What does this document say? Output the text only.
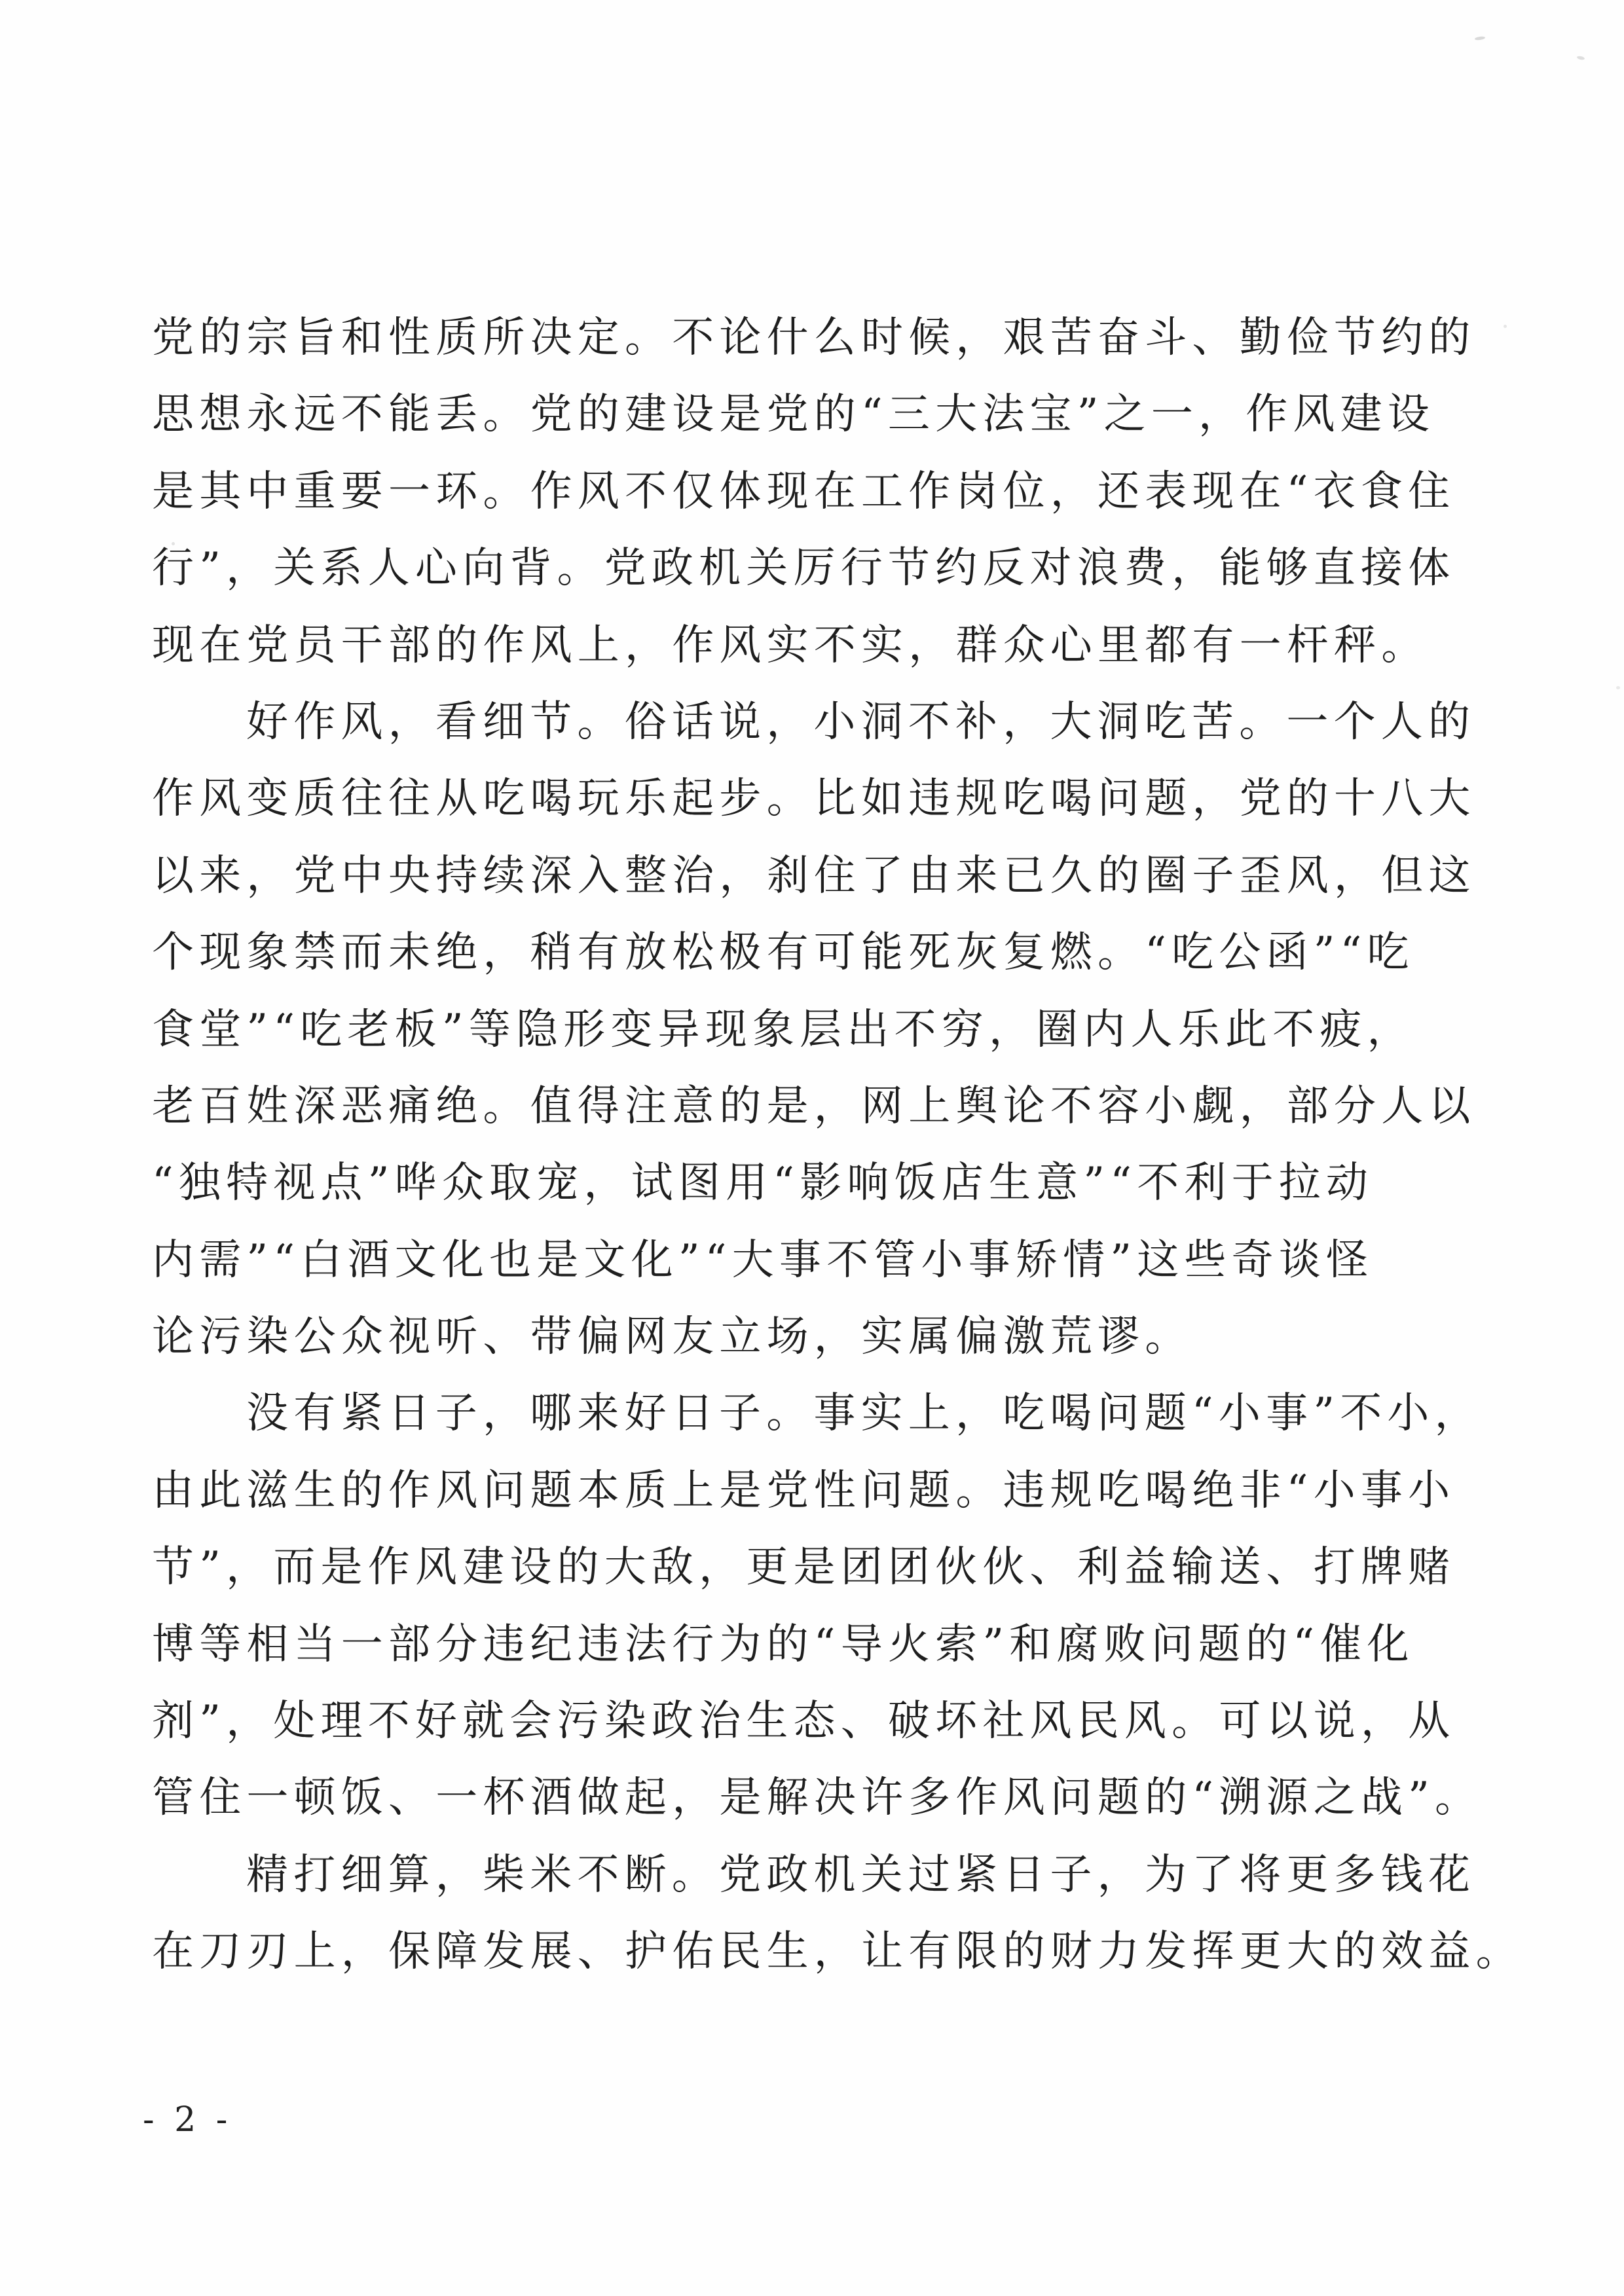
党的宗旨和性质所决定。不论什么时候，艰苦奋斗、勤俭节约的
思想永远不能丢。党的建设是党的“三大法宝”之一，作风建设
是其中重要一环。作风不仅体现在工作岗位，还表现在“衣食住
行”，关系人心向背。党政机关厉行节约反对浪费，能够直接体
现在党员干部的作风上，作风实不实，群众心里都有一杆秤。
好作风，看细节。俗话说，小洞不补，大洞吃苦。一个人的
作风变质往往从吃喝玩乐起步。比如违规吃喝问题，党的十八大
以来，党中央持续深入整治，刹住了由来已久的圈子歪风，但这
个现象禁而未绝，稍有放松极有可能死灰复燃。“吃公函”“吃
食堂”“吃老板”等隐形变异现象层出不穷，圈内人乐此不疲，
老百姓深恶痛绝。值得注意的是，网上舆论不容小觑，部分人以
“独特视点”哗众取宠，试图用“影响饭店生意”“不利于拉动
内需”“白酒文化也是文化”“大事不管小事矫情”这些奇谈怪
论污染公众视听、带偏网友立场，实属偏激荒谬。
没有紧日子，哪来好日子。事实上，吃喝问题“小事”不小，
由此滋生的作风问题本质上是党性问题。违规吃喝绝非“小事小
节”，而是作风建设的大敌，更是团团伙伙、利益输送、打牌赌
博等相当一部分违纪违法行为的“导火索”和腐败问题的“催化
剂”，处理不好就会污染政治生态、破坏社风民风。可以说，从
管住一顿饭、一杯酒做起，是解决许多作风问题的“溯源之战”。
精打细算，柴米不断。党政机关过紧日子，为了将更多钱花
在刀刃上，保障发展、护佑民生，让有限的财力发挥更大的效益。
- 2 -
